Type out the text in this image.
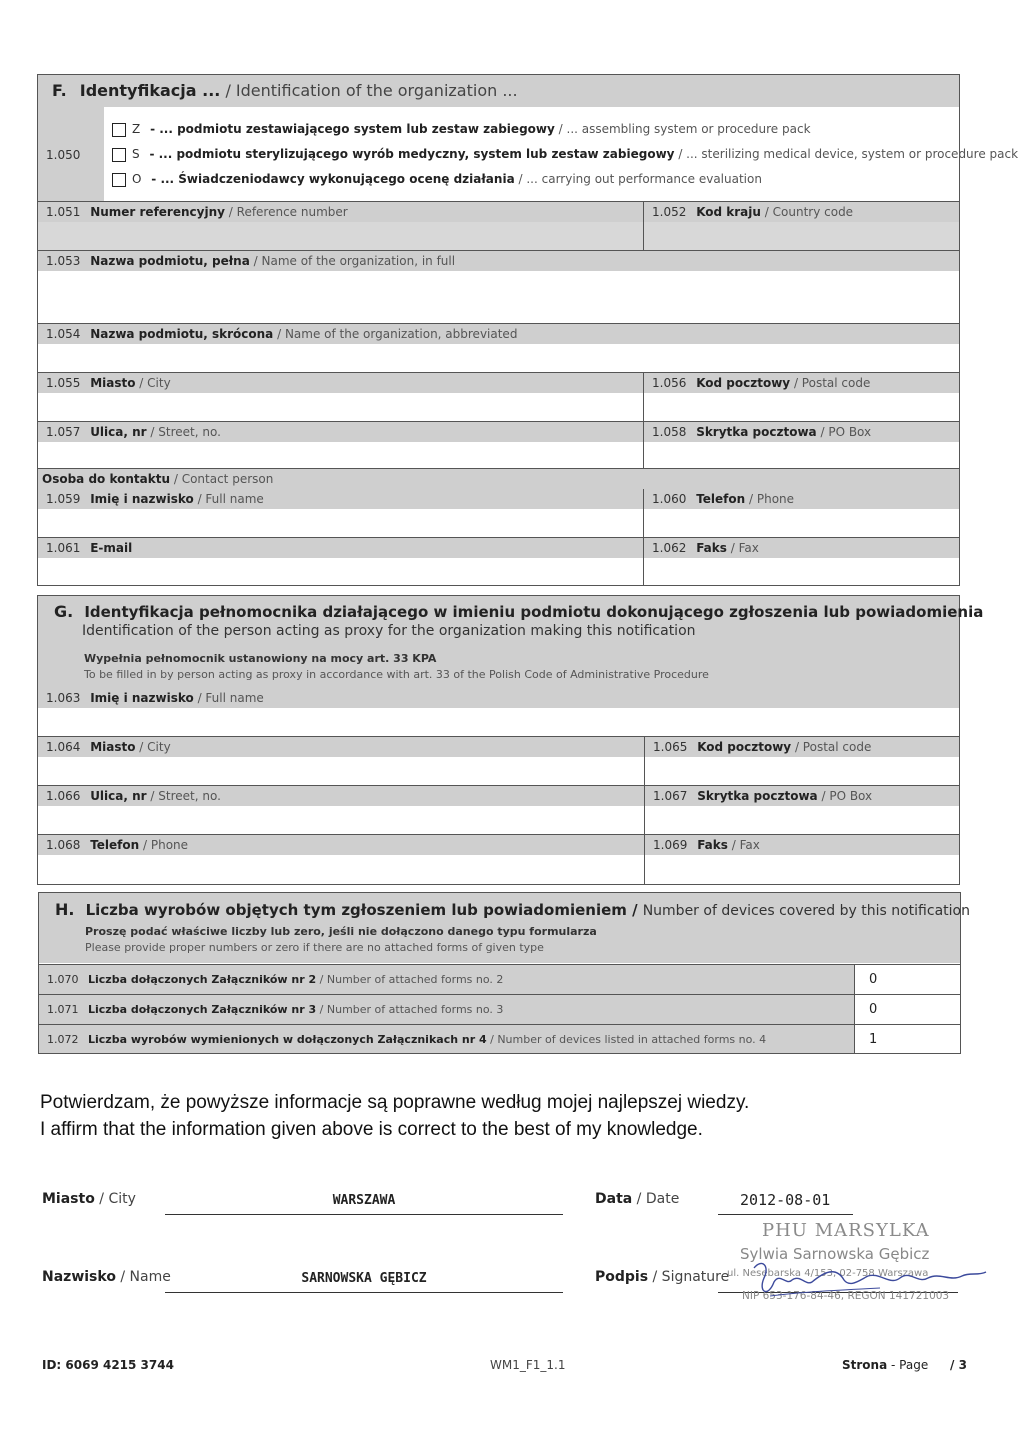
F. Identyfikacja ... / Identification of the organization ...
1.050
Z - ... podmiotu zestawiającego system lub zestaw zabiegowy / ... assembling system or procedure pack
S - ... podmiotu sterylizującego wyrób medyczny, system lub zestaw zabiegowy / ... sterilizing medical device, system or procedure pack
O - ... Świadczeniodawcy wykonującego ocenę działania / ... carrying out performance evaluation
1.051 Numer referencyjny / Reference number	1.052 Kod kraju / Country code
1.053 Nazwa podmiotu, pełna / Name of the organization, in full
1.054 Nazwa podmiotu, skrócona / Name of the organization, abbreviated
1.055 Miasto / City	1.056 Kod pocztowy / Postal code
1.057 Ulica, nr / Street, no.	1.058 Skrytka pocztowa / PO Box
Osoba do kontaktu / Contact person
1.059 Imię i nazwisko / Full name	1.060 Telefon / Phone
1.061 E-mail	1.062 Faks / Fax
G. Identyfikacja pełnomocnika działającego w imieniu podmiotu dokonującego zgłoszenia lub powiadomienia
Identification of the person acting as proxy for the organization making this notification
Wypełnia pełnomocnik ustanowiony na mocy art. 33 KPA
To be filled in by person acting as proxy in accordance with art. 33 of the Polish Code of Administrative Procedure
1.063 Imię i nazwisko / Full name
1.064 Miasto / City	1.065 Kod pocztowy / Postal code
1.066 Ulica, nr / Street, no.	1.067 Skrytka pocztowa / PO Box
1.068 Telefon / Phone	1.069 Faks / Fax
H. Liczba wyrobów objętych tym zgłoszeniem lub powiadomieniem / Number of devices covered by this notification
Proszę podać właściwe liczby lub zero, jeśli nie dołączono danego typu formularza
Please provide proper numbers or zero if there are no attached forms of given type
1.070 Liczba dołączonych Załączników nr 2 / Number of attached forms no. 2	0
1.071 Liczba dołączonych Załączników nr 3 / Number of attached forms no. 3	0
1.072 Liczba wyrobów wymienionych w dołączonych Załącznikach nr 4 / Number of devices listed in attached forms no. 4	1
Potwierdzam, że powyższe informacje są poprawne według mojej najlepszej wiedzy.
I affirm that the information given above is correct to the best of my knowledge.
Miasto / City	WARSZAWA	Data / Date	2012-08-01
Nazwisko / Name	SARNOWSKA GĘBICZ	Podpis / Signature
PHU MARSYLKA
Sylwia Sarnowska Gębicz
ul. Nesebarska 4/153, 02-758 Warszawa
NIP 653-176-84-46, REGON 141721003
ID: 6069 4215 3744	WM1_F1_1.1	Strona - Page / 3
